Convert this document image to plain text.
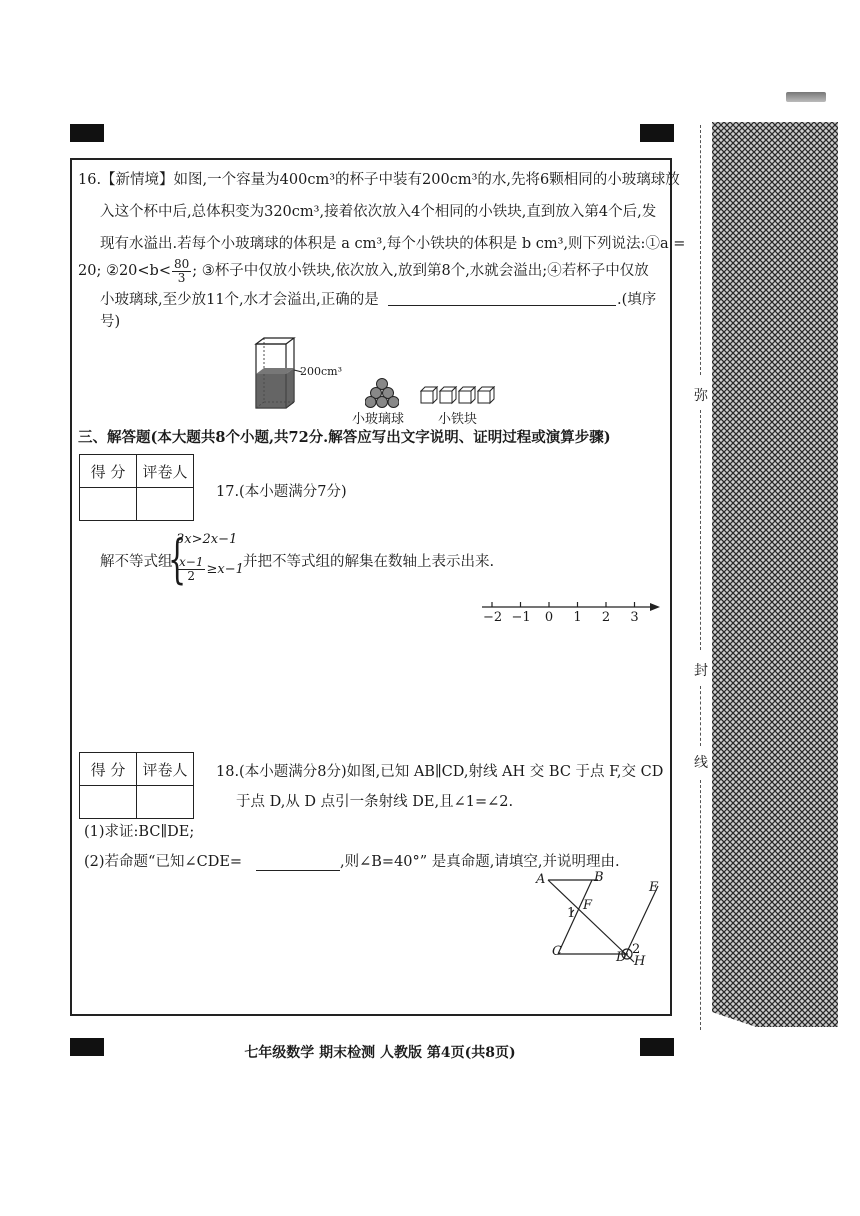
弥
封
线
16.【新情境】如图,一个容量为400cm³的杯子中装有200cm³的水,先将6颗相同的小玻璃球放
入这个杯中后,总体积变为320cm³,接着依次放入4个相同的小铁块,直到放入第4个后,发
现有水溢出.若每个小玻璃球的体积是 a cm³,每个小铁块的体积是 b cm³,则下列说法:①a =
20; ②20<b< $\frac{80}{3}$ ; ③杯子中仅放小铁块,依次放入,放到第8个,水就会溢出;④若杯子中仅放
小玻璃球,至少放11个,水才会溢出,正确的是	.(填序
号)
200cm³
小玻璃球	小铁块
三、解答题(本大题共8个小题,共72分.解答应写出文字说明、证明过程或演算步骤)
得 分	评卷人

17.(本小题满分7分)
解不等式组
{
3x>2x−1
$\frac{x-1}{2} \ge x-1$ 并把不等式组的解集在数轴上表示出来.
−2 −1	0	1	2	3
得 分	评卷人
	18.(本小题满分8分)如图,已知 AB∥CD,射线 AH 交 BC 于点 F,交 CD
于点 D,从 D 点引一条射线 DE,且∠1=∠2.
(1)求证:BC∥DE;
(2)若命题“已知∠CDE=	,则∠B=40°” 是真命题,请填空,并说明理由.
A	B
E
F
1
C	D
2
H
七年级数学 期末检测 人教版 第4页(共8页)
